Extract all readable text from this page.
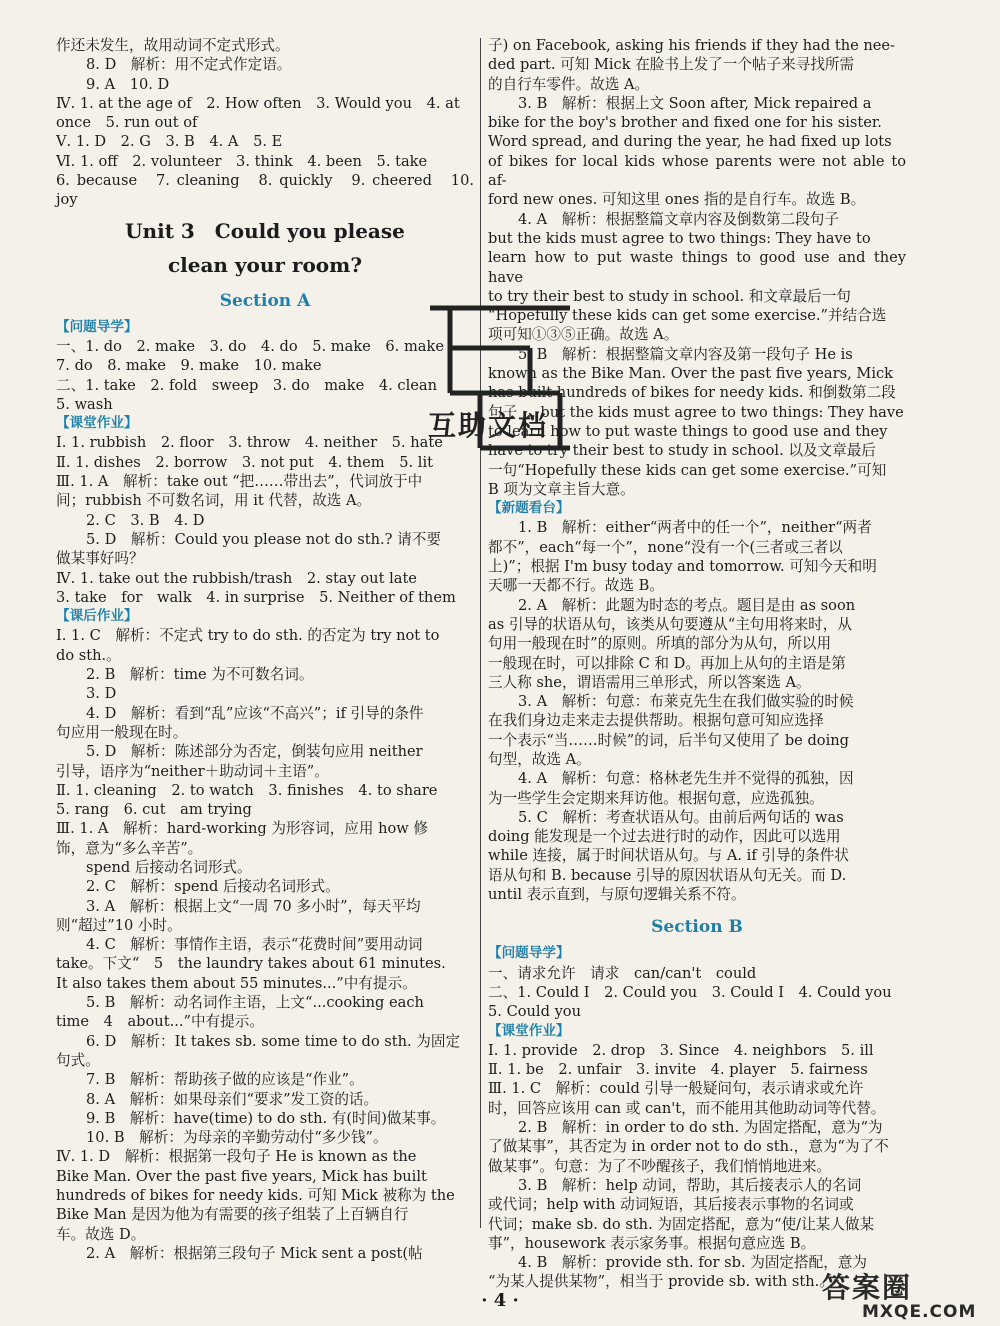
作还未发生，故用动词不定式形式。
8. D　解析：用不定式作定语。
9. A　10. D
Ⅳ. 1. at the age of　2. How often　3. Would you　4. at
once　5. run out of
Ⅴ. 1. D　2. G　3. B　4. A　5. E
Ⅵ. 1. off　2. volunteer　3. think　4. been　5. take
6. because　7. cleaning　8. quickly　9. cheered　10. joy
Unit 3　Could you please
clean your room?
Section A
【问题导学】
一、1. do　2. make　3. do　4. do　5. make　6. make
7. do　8. make　9. make　10. make
二、1. take　2. fold　sweep　3. do　make　4. clean
5. wash
【课堂作业】
Ⅰ. 1. rubbish　2. floor　3. throw　4. neither　5. hate
Ⅱ. 1. dishes　2. borrow　3. not put　4. them　5. lit
Ⅲ. 1. A　解析：take out “把……带出去”，代词放于中
间；rubbish 不可数名词，用 it 代替，故选 A。
2. C　3. B　4. D
5. D　解析：Could you please not do sth.? 请不要
做某事好吗？
Ⅳ. 1. take out the rubbish/trash　2. stay out late
3. take　for　walk　4. in surprise　5. Neither of them
【课后作业】
Ⅰ. 1. C　解析：不定式 try to do sth. 的否定为 try not to
do sth.。
2. B　解析：time 为不可数名词。
3. D
4. D　解析：看到“乱”应该“不高兴”；if 引导的条件
句应用一般现在时。
5. D　解析：陈述部分为否定，倒装句应用 neither
引导，语序为“neither＋助动词＋主语”。
Ⅱ. 1. cleaning　2. to watch　3. finishes　4. to share
5. rang　6. cut　am trying
Ⅲ. 1. A　解析：hard-working 为形容词，应用 how 修
饰，意为“多么辛苦”。
spend 后接动名词形式。
2. C　解析：spend 后接动名词形式。
3. A　解析：根据上文“一周 70 多小时”，每天平均
则“超过”10 小时。
4. C　解析：事情作主语，表示“花费时间”要用动词
take。下文“　5　the laundry takes about 61 minutes.
It also takes them about 55 minutes...”中有提示。
5. B　解析：动名词作主语，上文“...cooking each
time　4　about...”中有提示。
6. D　解析：It takes sb. some time to do sth. 为固定
句式。
7. B　解析：帮助孩子做的应该是“作业”。
8. A　解析：如果母亲们“要求”发工资的话。
9. B　解析：have(time) to do sth. 有(时间)做某事。
10. B　解析：为母亲的辛勤劳动付“多少钱”。
Ⅳ. 1. D　解析：根据第一段句子 He is known as the
Bike Man. Over the past five years, Mick has built
hundreds of bikes for needy kids. 可知 Mick 被称为 the
Bike Man 是因为他为有需要的孩子组装了上百辆自行
车。故选 D。
2. A　解析：根据第三段句子 Mick sent a post(帖
子) on Facebook, asking his friends if they had the nee-
ded part. 可知 Mick 在脸书上发了一个帖子来寻找所需
的自行车零件。故选 A。
3. B　解析：根据上文 Soon after, Mick repaired a
bike for the boy's brother and fixed one for his sister.
Word spread, and during the year, he had fixed up lots
of bikes for local kids whose parents were not able to af-
ford new ones. 可知这里 ones 指的是自行车。故选 B。
4. A　解析：根据整篇文章内容及倒数第二段句子
but the kids must agree to two things: They have to
learn how to put waste things to good use and they have
to try their best to study in school. 和文章最后一句
“Hopefully these kids can get some exercise.”并结合选
项可知①③⑤正确。故选 A。
5. B　解析：根据整篇文章内容及第一段句子 He is
known as the Bike Man. Over the past five years, Mick
has built hundreds of bikes for needy kids. 和倒数第二段
句子 ... but the kids must agree to two things: They have
to learn how to put waste things to good use and they
have to try their best to study in school. 以及文章最后
一句“Hopefully these kids can get some exercise.”可知
B 项为文章主旨大意。
【新题看台】
1. B　解析：either“两者中的任一个”，neither“两者
都不”，each“每一个”，none“没有一个(三者或三者以
上)”；根据 I'm busy today and tomorrow. 可知今天和明
天哪一天都不行。故选 B。
2. A　解析：此题为时态的考点。题目是由 as soon
as 引导的状语从句，该类从句要遵从“主句用将来时，从
句用一般现在时”的原则。所填的部分为从句，所以用
一般现在时，可以排除 C 和 D。再加上从句的主语是第
三人称 she，谓语需用三单形式，所以答案选 A。
3. A　解析：句意：布莱克先生在我们做实验的时候
在我们身边走来走去提供帮助。根据句意可知应选择
一个表示“当……时候”的词，后半句又使用了 be doing
句型，故选 A。
4. A　解析：句意：格林老先生并不觉得的孤独，因
为一些学生会定期来拜访他。根据句意，应选孤独。
5. C　解析：考查状语从句。由前后两句话的 was
doing 能发现是一个过去进行时的动作，因此可以选用
while 连接，属于时间状语从句。与 A. if 引导的条件状
语从句和 B. because 引导的原因状语从句无关。而 D.
until 表示直到，与原句逻辑关系不符。
Section B
【问题导学】
一、请求允许　请求　can/can't　could
二、1. Could I　2. Could you　3. Could I　4. Could you
5. Could you
【课堂作业】
Ⅰ. 1. provide　2. drop　3. Since　4. neighbors　5. ill
Ⅱ. 1. be　2. unfair　3. invite　4. player　5. fairness
Ⅲ. 1. C　解析：could 引导一般疑问句，表示请求或允许
时，回答应该用 can 或 can't，而不能用其他助动词等代替。
2. B　解析：in order to do sth. 为固定搭配，意为“为
了做某事”，其否定为 in order not to do sth.，意为“为了不
做某事”。句意：为了不吵醒孩子，我们悄悄地进来。
3. B　解析：help 动词，帮助，其后接表示人的名词
或代词；help with 动词短语，其后接表示事物的名词或
代词；make sb. do sth. 为固定搭配，意为“使/让某人做某
事”，housework 表示家务事。根据句意应选 B。
4. B　解析：provide sth. for sb. 为固定搭配，意为
“为某人提供某物”，相当于 provide sb. with sth.。
互助文档
· 4 ·	答案圈
MXQE.COM
